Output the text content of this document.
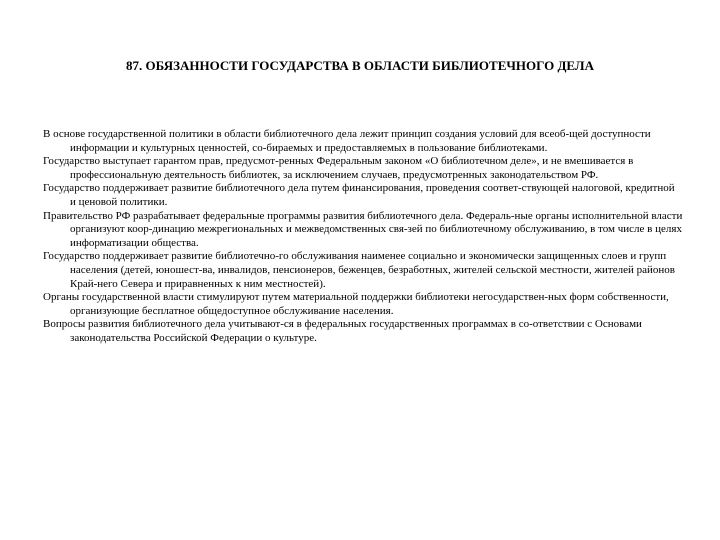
87. ОБЯЗАННОСТИ ГОСУДАРСТВА В ОБЛАСТИ БИБЛИОТЕЧНОГО ДЕЛА

В основе государственной политики в области библиотечного дела лежит принцип создания условий для всеоб-щей доступности информации и культурных ценностей, со-бираемых и предоставляемых в пользование библиотеками.

Государство выступает гарантом прав, предусмот-ренных Федеральным законом «О библиотечном деле», и не вмешивается в профессиональную деятельность библиотек, за исключением случаев, предусмотренных законодательством РФ.

Государство поддерживает развитие библиотечного дела путем финансирования, проведения соответ-ствующей налоговой, кредитной и ценовой политики.

Правительство РФ разрабатывает федеральные программы развития библиотечного дела. Федераль-ные органы исполнительной власти организуют коор-динацию межрегиональных и межведомственных свя-зей по библиотечному обслуживанию, в том числе в целях информатизации общества.

Государство поддерживает развитие библиотечно-го обслуживания наименее социально и экономически защищенных слоев и групп населения (детей, юношест-ва, инвалидов, пенсионеров, беженцев, безработных, жителей сельской местности, жителей районов Край-него Севера и приравненных к ним местностей).

Органы государственной власти стимулируют путем материальной поддержки библиотеки негосударствен-ных форм собственности, организующие бесплатное общедоступное обслуживание населения.

Вопросы развития библиотечного дела учитывают-ся в федеральных государственных программах в со-ответствии с Основами законодательства Российской Федерации о культуре.
